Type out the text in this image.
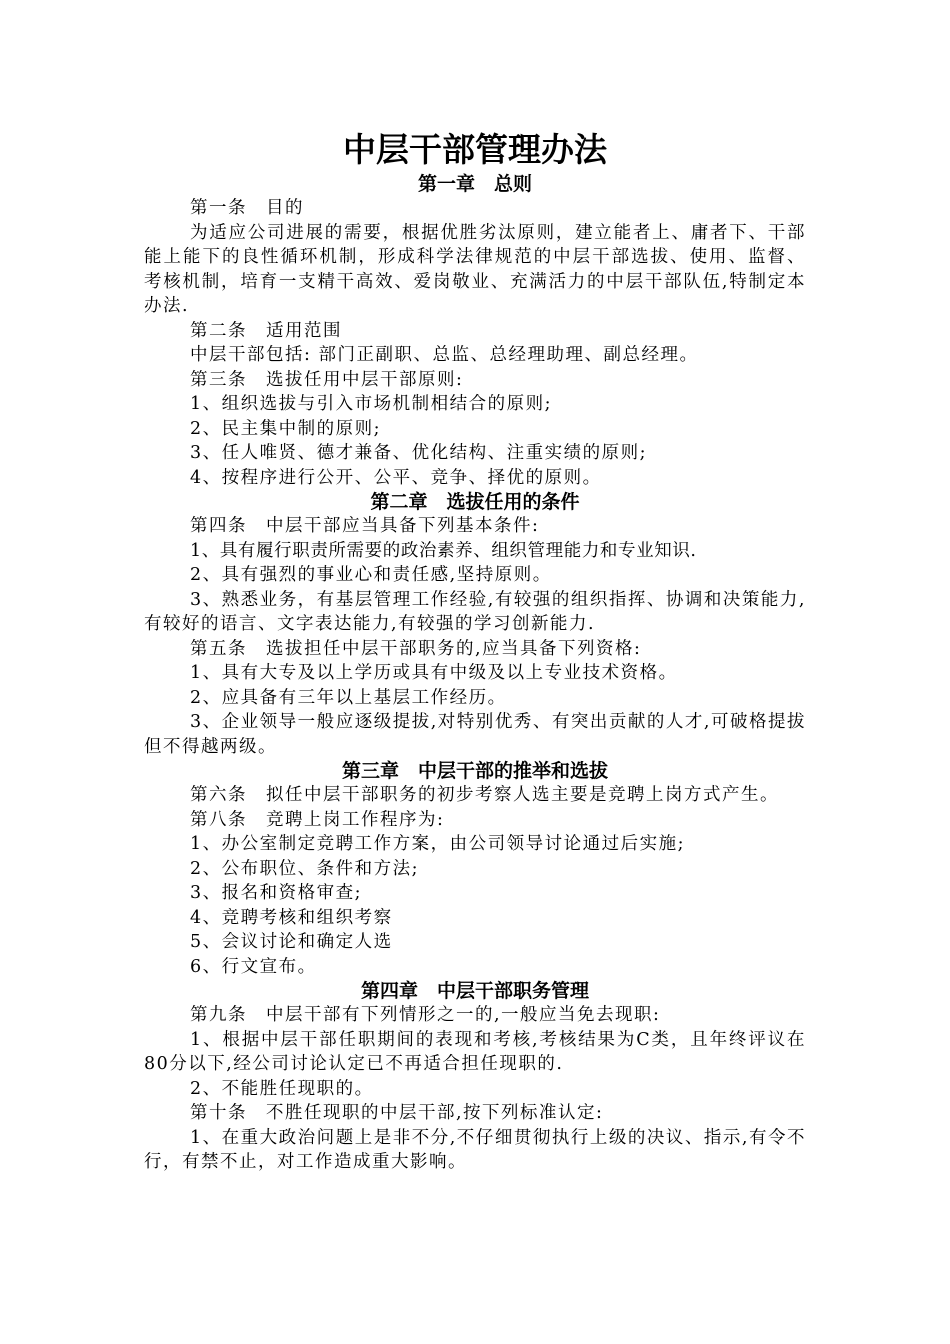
中层干部管理办法
第一章　总则

第一条　目的

为适应公司进展的需要，根据优胜劣汰原则，建立能者上、庸者下、干部能上能下的良性循环机制，形成科学法律规范的中层干部选拔、使用、监督、考核机制，培育一支精干高效、爱岗敬业、充满活力的中层干部队伍,特制定本办法.

第二条　适用范围

中层干部包括: 部门正副职、总监、总经理助理、副总经理。

第三条　选拔任用中层干部原则:

1、组织选拔与引入市场机制相结合的原则;

2、民主集中制的原则;

3、任人唯贤、德才兼备、优化结构、注重实绩的原则;

4、按程序进行公开、公平、竞争、择优的原则。

第二章　选拔任用的条件

第四条　中层干部应当具备下列基本条件:

1、具有履行职责所需要的政治素养、组织管理能力和专业知识.

2、具有强烈的事业心和责任感,坚持原则。

3、熟悉业务，有基层管理工作经验,有较强的组织指挥、协调和决策能力,有较好的语言、文字表达能力,有较强的学习创新能力.

第五条　选拔担任中层干部职务的,应当具备下列资格:

1、具有大专及以上学历或具有中级及以上专业技术资格。

2、应具备有三年以上基层工作经历。

3、企业领导一般应逐级提拔,对特别优秀、有突出贡献的人才,可破格提拔但不得越两级。

第三章　中层干部的推举和选拔

第六条　拟任中层干部职务的初步考察人选主要是竞聘上岗方式产生。

第八条　竞聘上岗工作程序为:

1、办公室制定竞聘工作方案，由公司领导讨论通过后实施;

2、公布职位、条件和方法;

3、报名和资格审查;

4、竞聘考核和组织考察

5、会议讨论和确定人选

6、行文宣布。

第四章　中层干部职务管理

第九条　中层干部有下列情形之一的,一般应当免去现职:

1、根据中层干部任职期间的表现和考核,考核结果为C类，且年终评议在80分以下,经公司讨论认定已不再适合担任现职的.

2、不能胜任现职的。

第十条　不胜任现职的中层干部,按下列标准认定:

1、在重大政治问题上是非不分,不仔细贯彻执行上级的决议、指示,有令不行，有禁不止，对工作造成重大影响。
